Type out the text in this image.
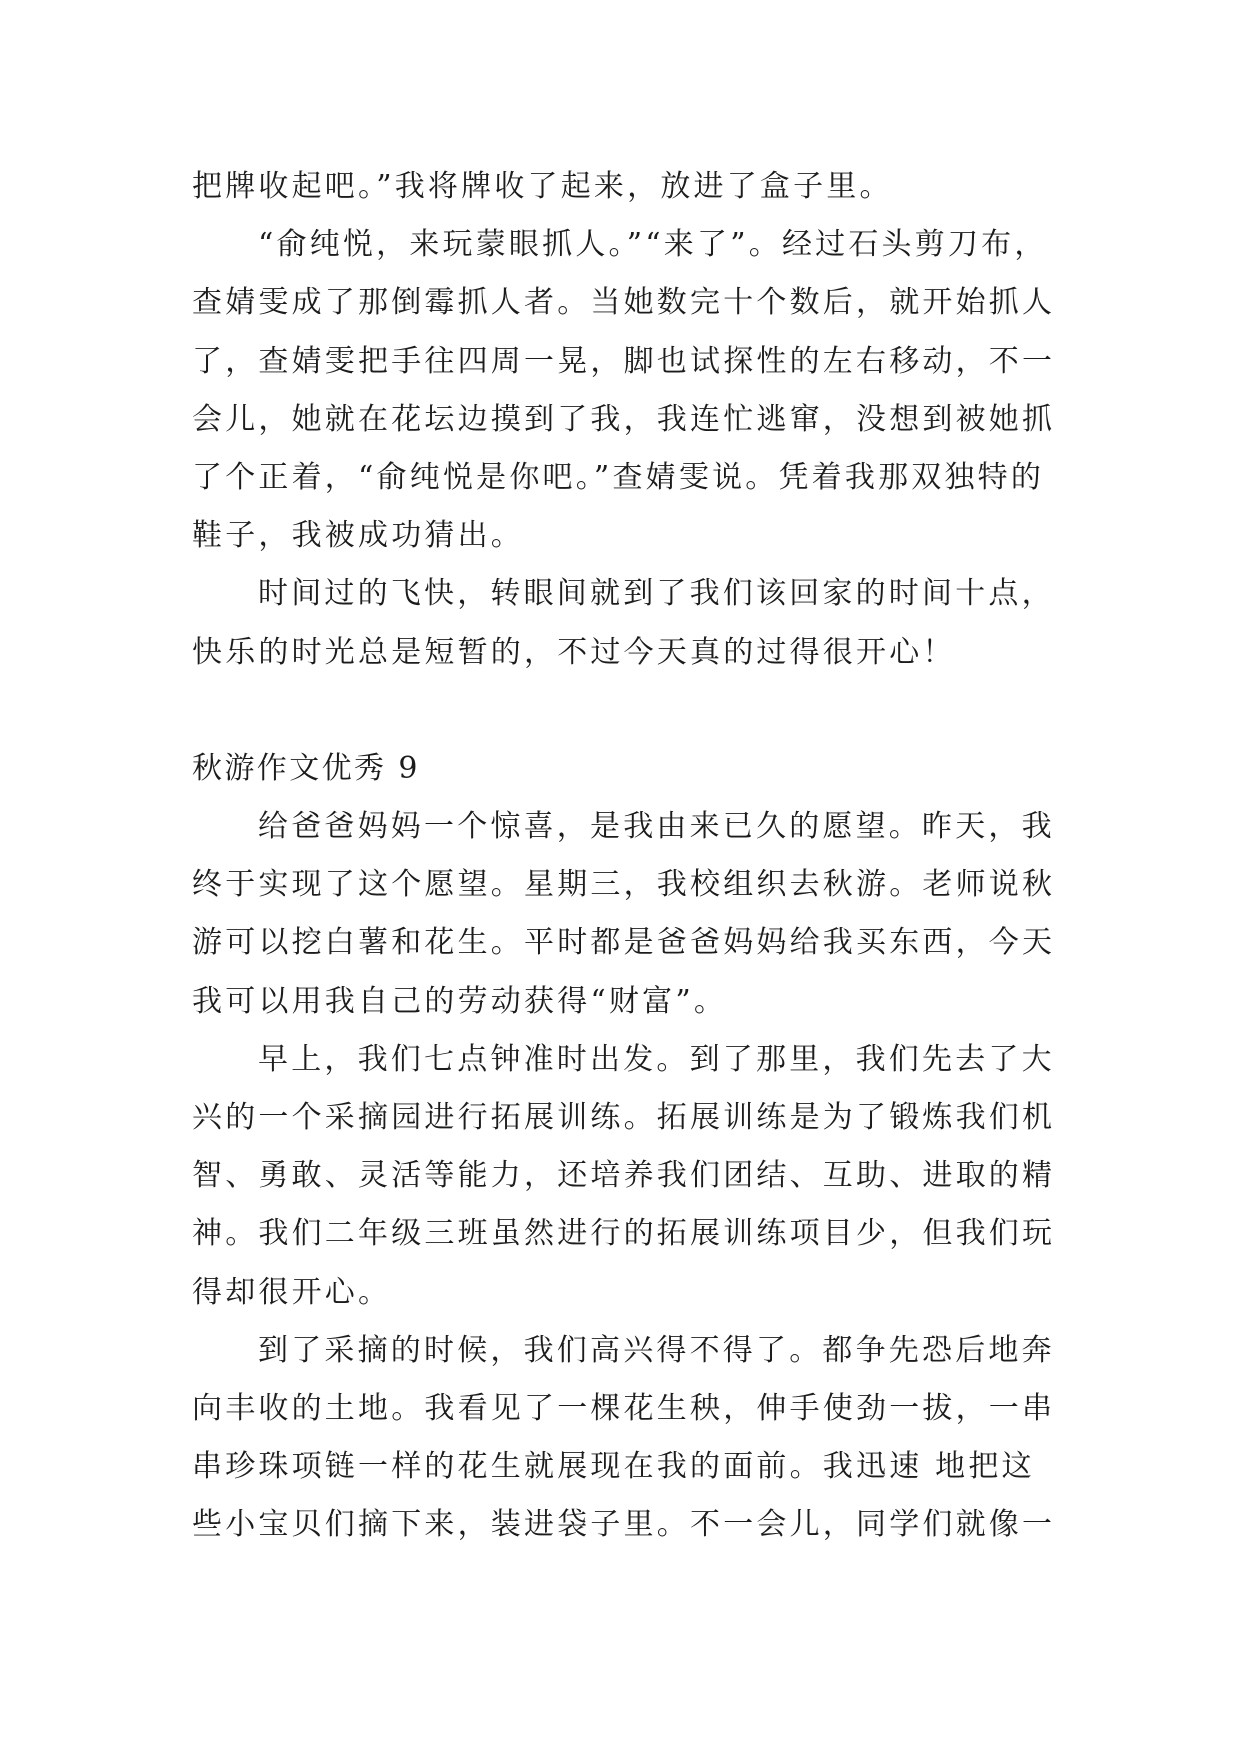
把牌收起吧。”我将牌收了起来，放进了盒子里。
“俞纯悦，来玩蒙眼抓人。”“来了”。经过石头剪刀布，
查婧雯成了那倒霉抓人者。当她数完十个数后，就开始抓人
了，查婧雯把手往四周一晃，脚也试探性的左右移动，不一
会儿，她就在花坛边摸到了我，我连忙逃窜，没想到被她抓
了个正着，“俞纯悦是你吧。”查婧雯说。凭着我那双独特的
鞋子，我被成功猜出。
时间过的飞快，转眼间就到了我们该回家的时间十点，
快乐的时光总是短暂的，不过今天真的过得很开心！
秋游作文优秀 9
给爸爸妈妈一个惊喜，是我由来已久的愿望。昨天，我
终于实现了这个愿望。星期三，我校组织去秋游。老师说秋
游可以挖白薯和花生。平时都是爸爸妈妈给我买东西，今天
我可以用我自己的劳动获得“财富”。
早上，我们七点钟准时出发。到了那里，我们先去了大
兴的一个采摘园进行拓展训练。拓展训练是为了锻炼我们机
智、勇敢、灵活等能力，还培养我们团结、互助、进取的精
神。我们二年级三班虽然进行的拓展训练项目少，但我们玩
得却很开心。
到了采摘的时候，我们高兴得不得了。都争先恐后地奔
向丰收的土地。我看见了一棵花生秧，伸手使劲一拔，一串
串珍珠项链一样的花生就展现在我的面前。我迅速 地把这
些小宝贝们摘下来，装进袋子里。不一会儿，同学们就像一
